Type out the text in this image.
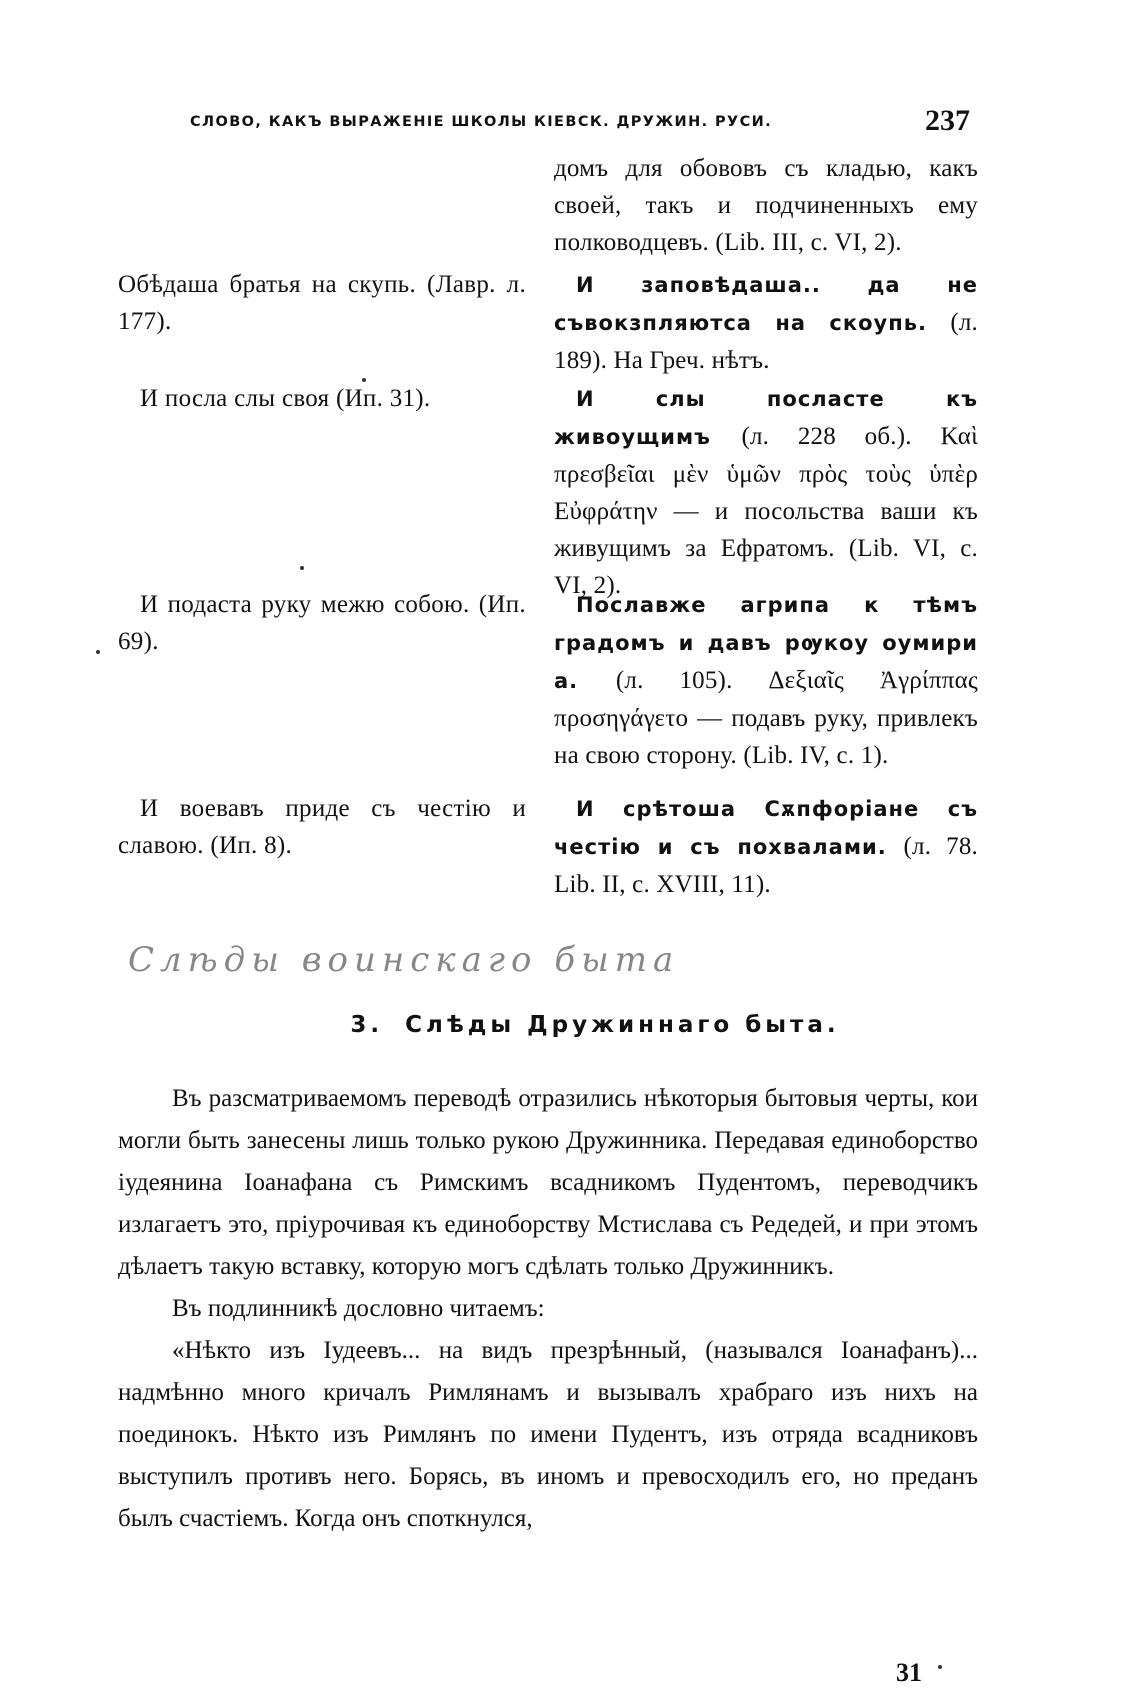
СЛОВО, КАКЪ ВЫРАЖЕНІЕ ШКОЛЫ КІЕВСК. ДРУЖИН. РУСИ.	237
домъ для обововъ съ кладью, какъ своей, такъ и подчиненныхъ ему полководцевъ. (Lib. III, c. VI, 2).
Обѣдаша братья на скупь. (Лавр. л. 177).
И заповѣдаша.. да не съвокзпляютса на скоупь. (л. 189). На Греч. нѣтъ.
И посла слы своя (Ип. 31).	И слы посласте къ живоущимъ (л. 228 об.). Καὶ πρεσβεῖαι μὲν ὑμῶν πρὸς τοὺς ὑπὲρ Εὐφράτην — и посольства ваши къ живущимъ за Ефратомъ. (Lib. VI, c. VI, 2).
И подаста руку межю собою. (Ип. 69).
Пославже агрипа к тѣмъ градомъ и давъ рѹкоу оумири а. (л. 105). Δεξιαῖς Ἀγρίππας προσηγάγετο — подавъ руку, привлекъ на свою сторону. (Lib. IV, c. 1).
И воевавъ приде съ честію и славою. (Ип. 8).
И срѣтоша Сѫпфоріане съ честію и съ похвалами. (л. 78. Lib. II, c. XVIII, 11).
Слѣды воинскаго быта
3. Слѣды Дружиннаго быта.

Въ разсматриваемомъ переводѣ отразились нѣкоторыя бытовыя черты, кои могли быть занесены лишь только рукою Дружинника. Передавая единоборство іудеянина Іоанафана съ Римскимъ всадникомъ Пудентомъ, переводчикъ излагаетъ это, пріурочивая къ единоборству Мстислава съ Редедей, и при этомъ дѣлаетъ такую вставку, которую могъ сдѣлать только Дружинникъ.

Въ подлинникѣ дословно читаемъ:

«Нѣкто изъ Іудеевъ... на видъ презрѣнный, (назывался Іоанафанъ)... надмѣнно много кричалъ Римлянамъ и вызывалъ храбраго изъ нихъ на поединокъ. Нѣкто изъ Римлянъ по имени Пудентъ, изъ отряда всадниковъ выступилъ противъ него. Борясь, въ иномъ и превосходилъ его, но преданъ былъ счастіемъ. Когда онъ споткнулся,

31
